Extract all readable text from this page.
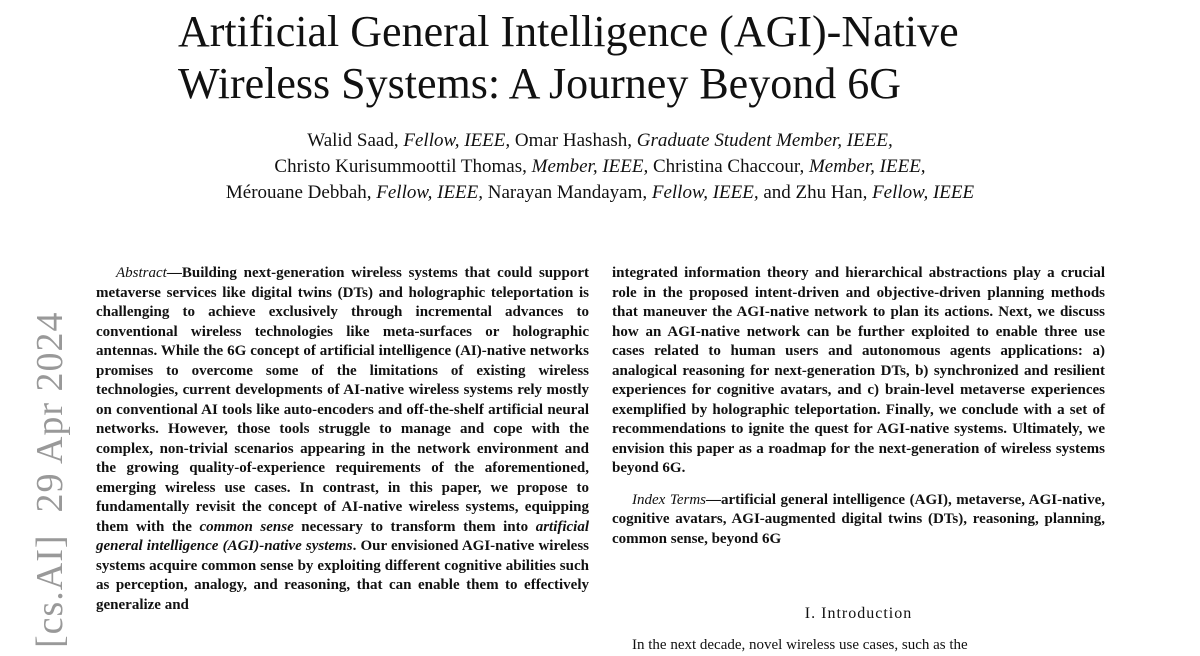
Artificial General Intelligence (AGI)-Native
Wireless Systems: A Journey Beyond 6G
Walid Saad, Fellow, IEEE, Omar Hashash, Graduate Student Member, IEEE,
Christo Kurisummoottil Thomas, Member, IEEE, Christina Chaccour, Member, IEEE,
Mérouane Debbah, Fellow, IEEE, Narayan Mandayam, Fellow, IEEE, and Zhu Han, Fellow, IEEE
[cs.AI]29 Apr 2024

Abstract—Building next-generation wireless systems that could support metaverse services like digital twins (DTs) and holographic teleportation is challenging to achieve exclusively through incremental advances to conventional wireless technologies like meta-surfaces or holographic antennas. While the 6G concept of artificial intelligence (AI)-native networks promises to overcome some of the limitations of existing wireless technologies, current developments of AI-native wireless systems rely mostly on conventional AI tools like auto-encoders and off-the-shelf artificial neural networks. However, those tools struggle to manage and cope with the complex, non-trivial scenarios appearing in the network environment and the growing quality-of-experience requirements of the aforementioned, emerging wireless use cases. In contrast, in this paper, we propose to fundamentally revisit the concept of AI-native wireless systems, equipping them with the common sense necessary to transform them into artificial general intelligence (AGI)-native systems. Our envisioned AGI-native wireless systems acquire common sense by exploiting different cognitive abilities such as perception, analogy, and reasoning, that can enable them to effectively generalize and

integrated information theory and hierarchical abstractions play a crucial role in the proposed intent-driven and objective-driven planning methods that maneuver the AGI-native network to plan its actions. Next, we discuss how an AGI-native network can be further exploited to enable three use cases related to human users and autonomous agents applications: a) analogical reasoning for next-generation DTs, b) synchronized and resilient experiences for cognitive avatars, and c) brain-level metaverse experiences exemplified by holographic teleportation. Finally, we conclude with a set of recommendations to ignite the quest for AGI-native systems. Ultimately, we envision this paper as a roadmap for the next-generation of wireless systems beyond 6G.

Index Terms—artificial general intelligence (AGI), metaverse, AGI-native, cognitive avatars, AGI-augmented digital twins (DTs), reasoning, planning, common sense, beyond 6G

I. Introduction
In the next decade, novel wireless use cases, such as the
